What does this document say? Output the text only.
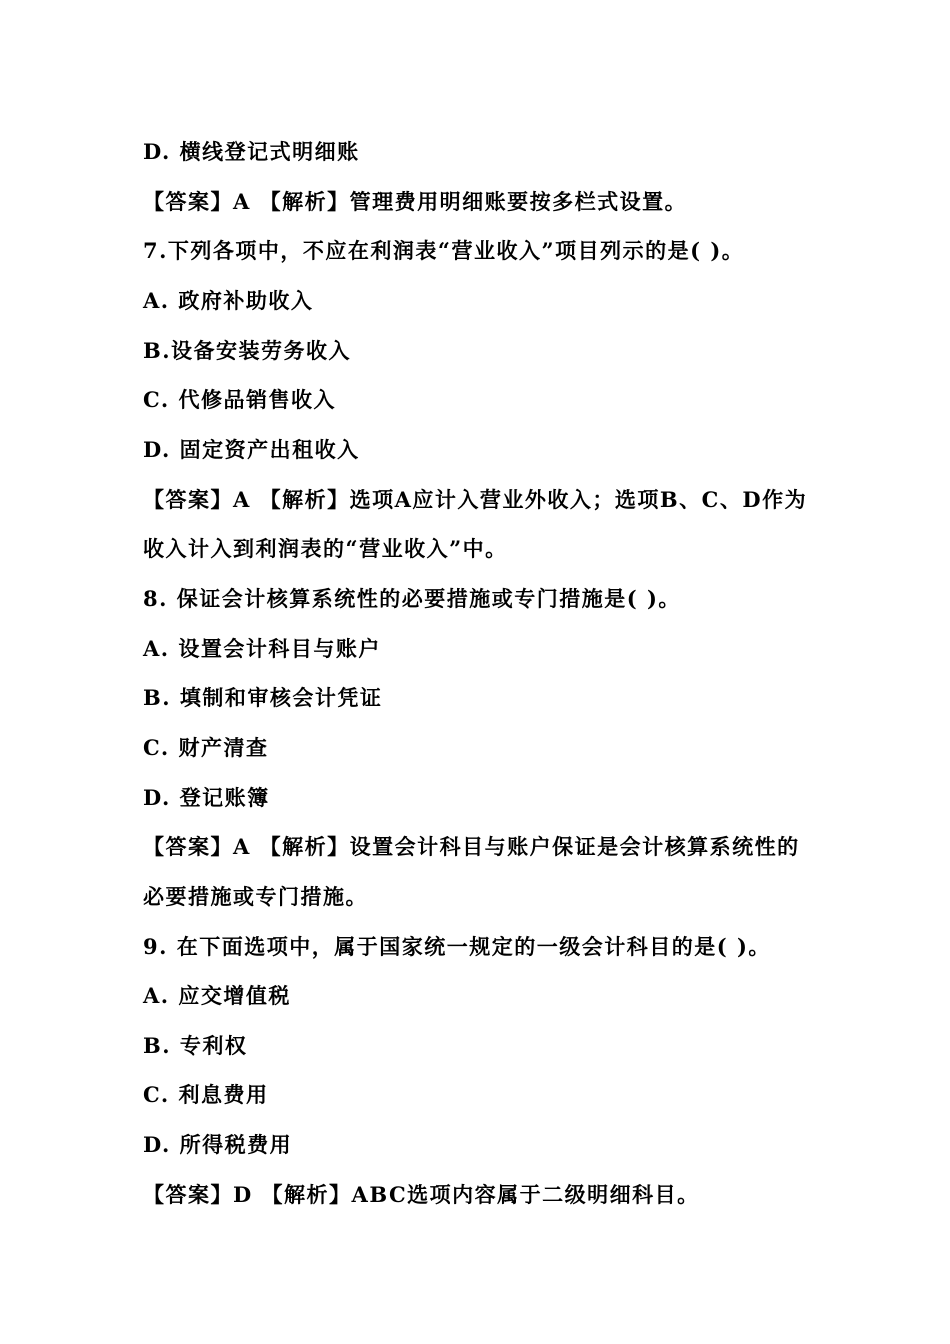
D. 横线登记式明细账
【答案】A 【解析】管理费用明细账要按多栏式设置。
7.下列各项中，不应在利润表“营业收入”项目列示的是( )。
A. 政府补助收入
B.设备安装劳务收入
C. 代修品销售收入
D. 固定资产出租收入
【答案】A 【解析】选项A应计入营业外收入；选项B、C、D作为
收入计入到利润表的“营业收入”中。
8. 保证会计核算系统性的必要措施或专门措施是( )。
A. 设置会计科目与账户
B. 填制和审核会计凭证
C. 财产清查
D. 登记账簿
【答案】A 【解析】设置会计科目与账户保证是会计核算系统性的
必要措施或专门措施。
9. 在下面选项中，属于国家统一规定的一级会计科目的是( )。
A. 应交增值税
B. 专利权
C. 利息费用
D. 所得税费用
【答案】D 【解析】ABC选项内容属于二级明细科目。
